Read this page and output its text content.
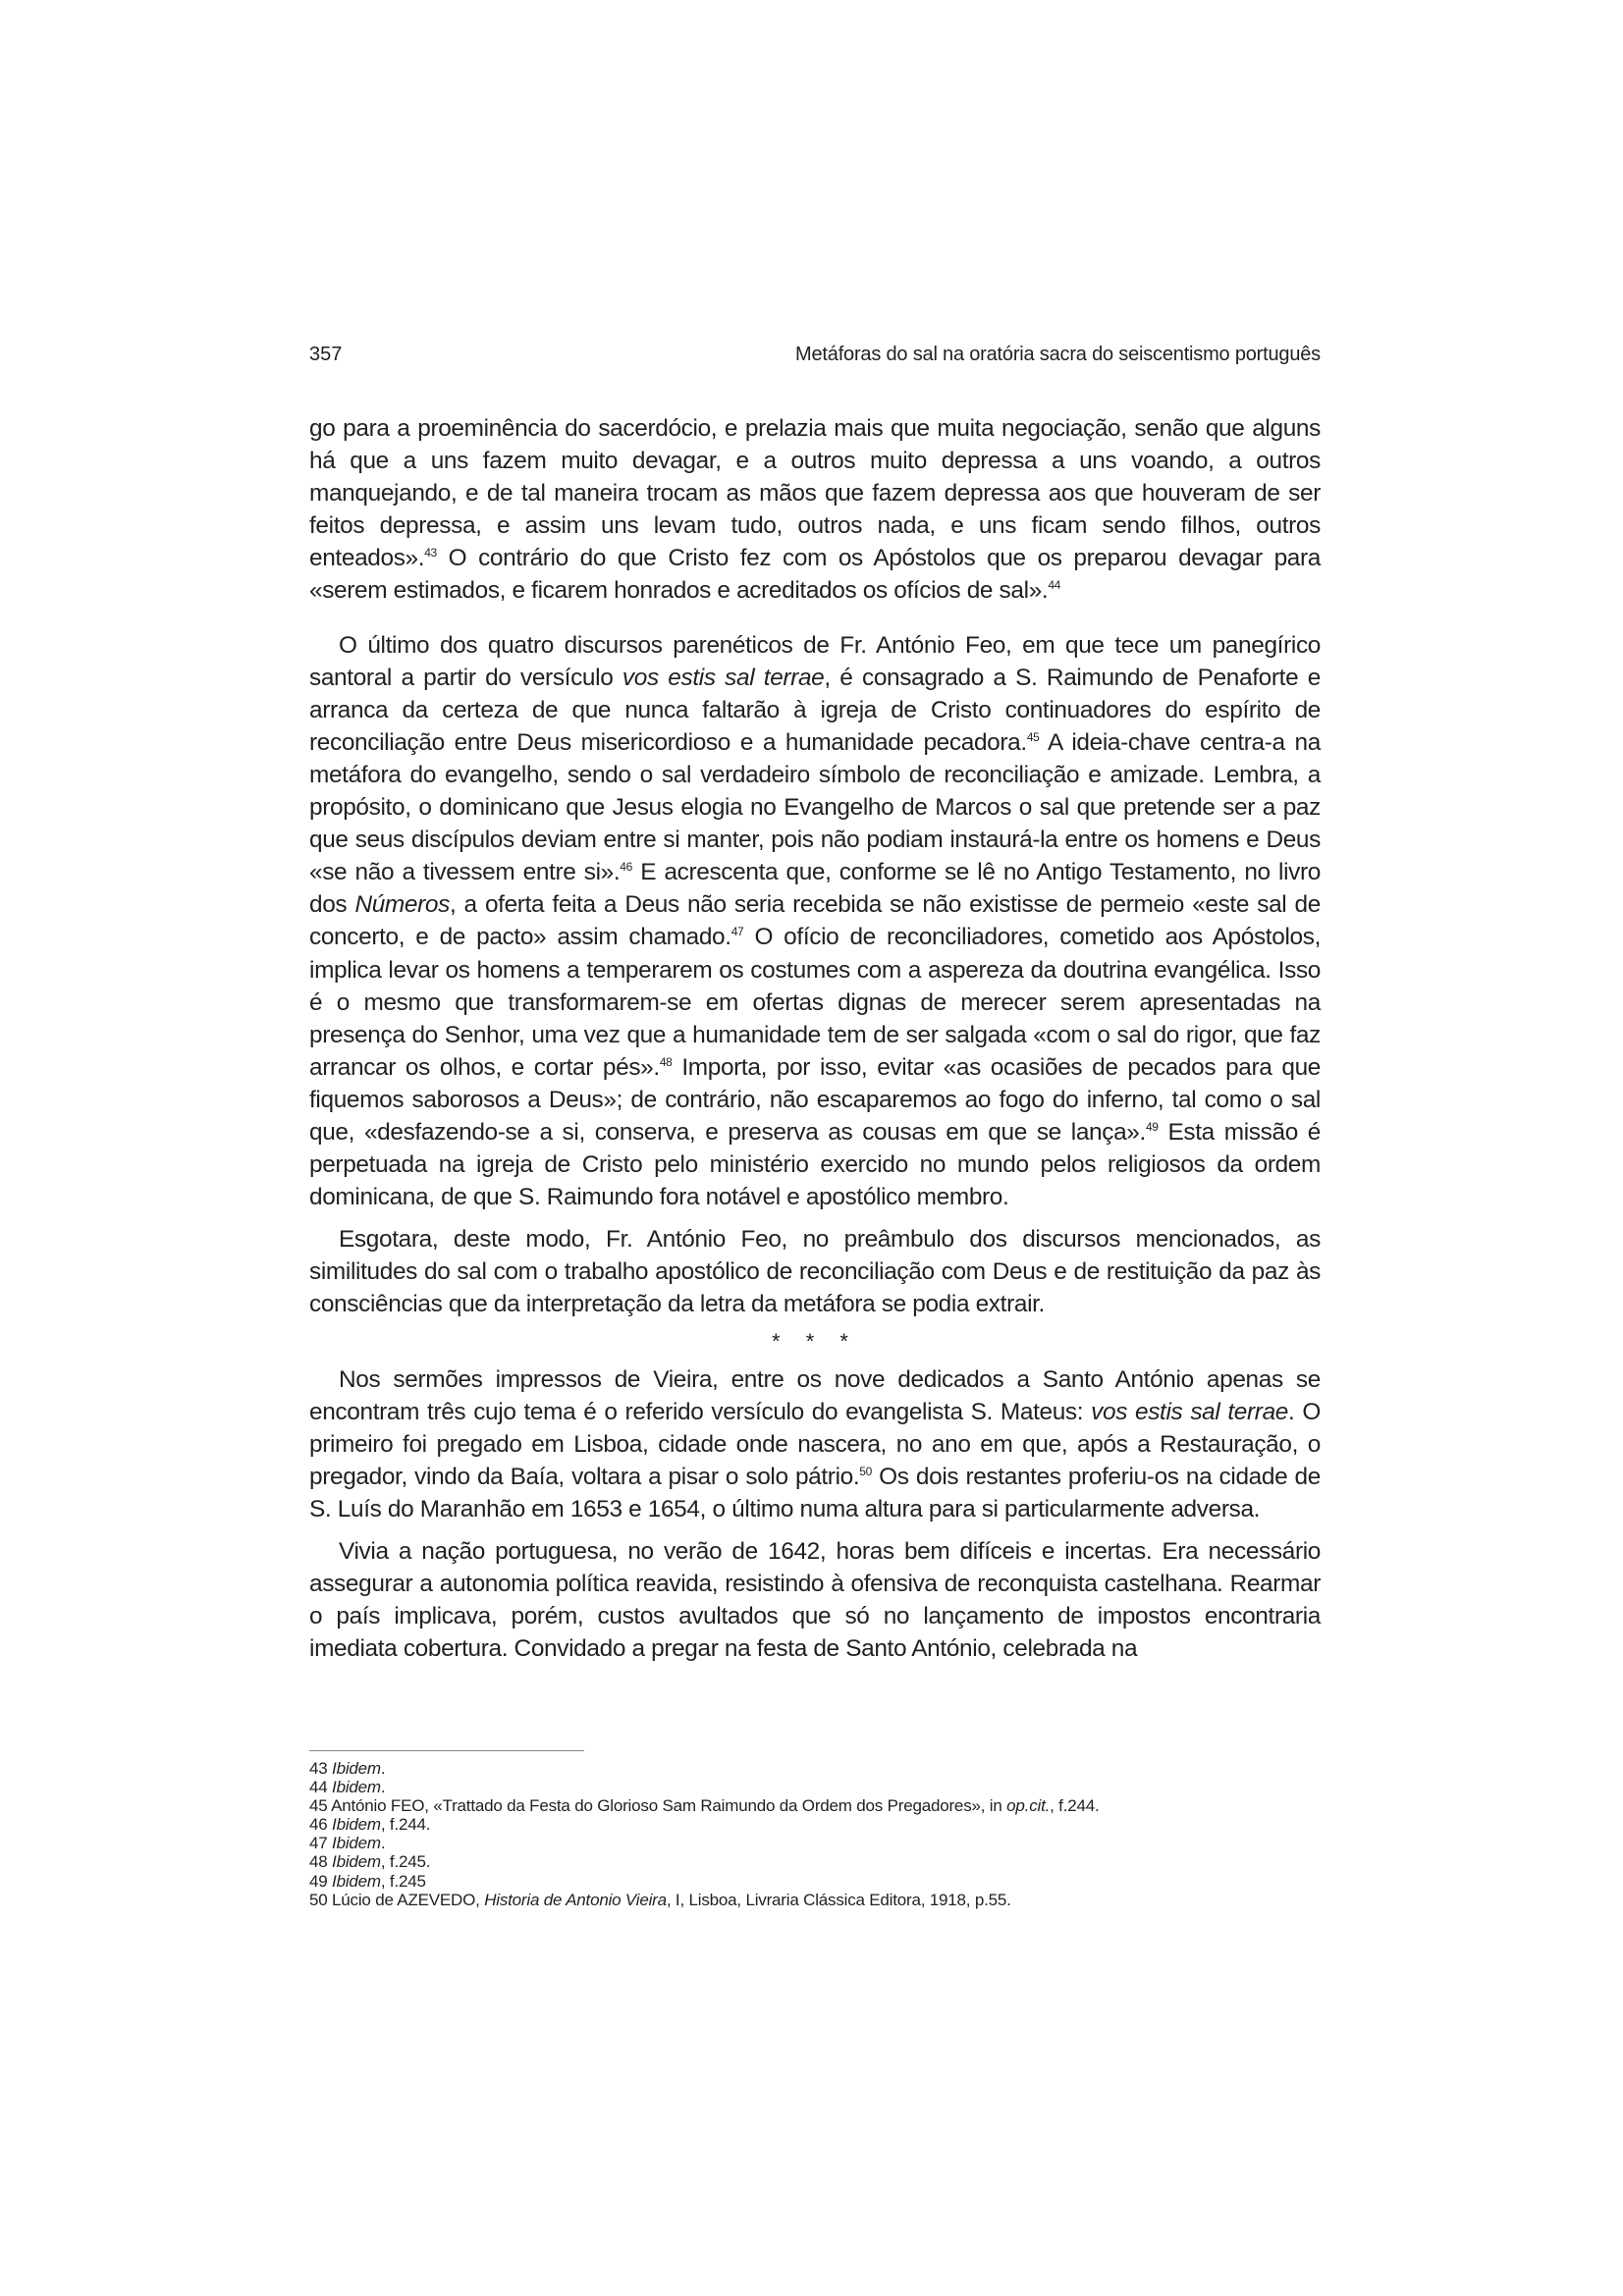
357	Metáforas do sal na oratória sacra do seiscentismo português

go para a proeminência do sacerdócio, e prelazia mais que muita negociação, senão que alguns há que a uns fazem muito devagar, e a outros muito depressa a uns voando, a outros manquejando, e de tal maneira trocam as mãos que fazem depressa aos que houveram de ser feitos depressa, e assim uns levam tudo, outros nada, e uns ficam sendo filhos, outros enteados».$^{43}$ O contrário do que Cristo fez com os Apóstolos que os preparou devagar para «serem estimados, e ficarem honrados e acreditados os ofícios de sal».$^{44}$

O último dos quatro discursos parenéticos de Fr. António Feo, em que tece um panegírico santoral a partir do versículo vos estis sal terrae, é consagrado a S. Raimundo de Penaforte e arranca da certeza de que nunca faltarão à igreja de Cristo continuadores do espírito de reconciliação entre Deus misericordioso e a humanidade pecadora.$^{45}$ A ideia-chave centra-a na metáfora do evangelho, sendo o sal verdadeiro símbolo de reconciliação e amizade. Lembra, a propósito, o dominicano que Jesus elogia no Evangelho de Marcos o sal que pretende ser a paz que seus discípulos deviam entre si manter, pois não podiam instaurá-la entre os homens e Deus «se não a tivessem entre si».$^{46}$ E acrescenta que, conforme se lê no Antigo Testamento, no livro dos Números, a oferta feita a Deus não seria recebida se não existisse de permeio «este sal de concerto, e de pacto» assim chamado.$^{47}$ O ofício de reconciliadores, cometido aos Apóstolos, implica levar os homens a temperarem os costumes com a aspereza da doutrina evangélica. Isso é o mesmo que transformarem-se em ofertas dignas de merecer serem apresentadas na presença do Senhor, uma vez que a humanidade tem de ser salgada «com o sal do rigor, que faz arrancar os olhos, e cortar pés».$^{48}$ Importa, por isso, evitar «as ocasiões de pecados para que fiquemos saborosos a Deus»; de contrário, não escaparemos ao fogo do inferno, tal como o sal que, «desfazendo-se a si, conserva, e preserva as cousas em que se lança».$^{49}$ Esta missão é perpetuada na igreja de Cristo pelo ministério exercido no mundo pelos religiosos da ordem dominicana, de que S. Raimundo fora notável e apostólico membro.

Esgotara, deste modo, Fr. António Feo, no preâmbulo dos discursos mencionados, as similitudes do sal com o trabalho apostólico de reconciliação com Deus e de restituição da paz às consciências que da interpretação da letra da metáfora se podia extrair.

* * *

Nos sermões impressos de Vieira, entre os nove dedicados a Santo António apenas se encontram três cujo tema é o referido versículo do evangelista S. Mateus: vos estis sal terrae. O primeiro foi pregado em Lisboa, cidade onde nascera, no ano em que, após a Restauração, o pregador, vindo da Baía, voltara a pisar o solo pátrio.$^{50}$ Os dois restantes proferiu-os na cidade de S. Luís do Maranhão em 1653 e 1654, o último numa altura para si particularmente adversa.

Vivia a nação portuguesa, no verão de 1642, horas bem difíceis e incertas. Era necessário assegurar a autonomia política reavida, resistindo à ofensiva de reconquista castelhana. Rearmar o país implicava, porém, custos avultados que só no lançamento de impostos encontraria imediata cobertura. Convidado a pregar na festa de Santo António, celebrada na

43 Ibidem.

44 Ibidem.

45 António FEO, «Trattado da Festa do Glorioso Sam Raimundo da Ordem dos Pregadores», in op.cit., f.244.

46 Ibidem, f.244.

47 Ibidem.

48 Ibidem, f.245.

49 Ibidem, f.245

50 Lúcio de AZEVEDO, Historia de Antonio Vieira, I, Lisboa, Livraria Clássica Editora, 1918, p.55.
